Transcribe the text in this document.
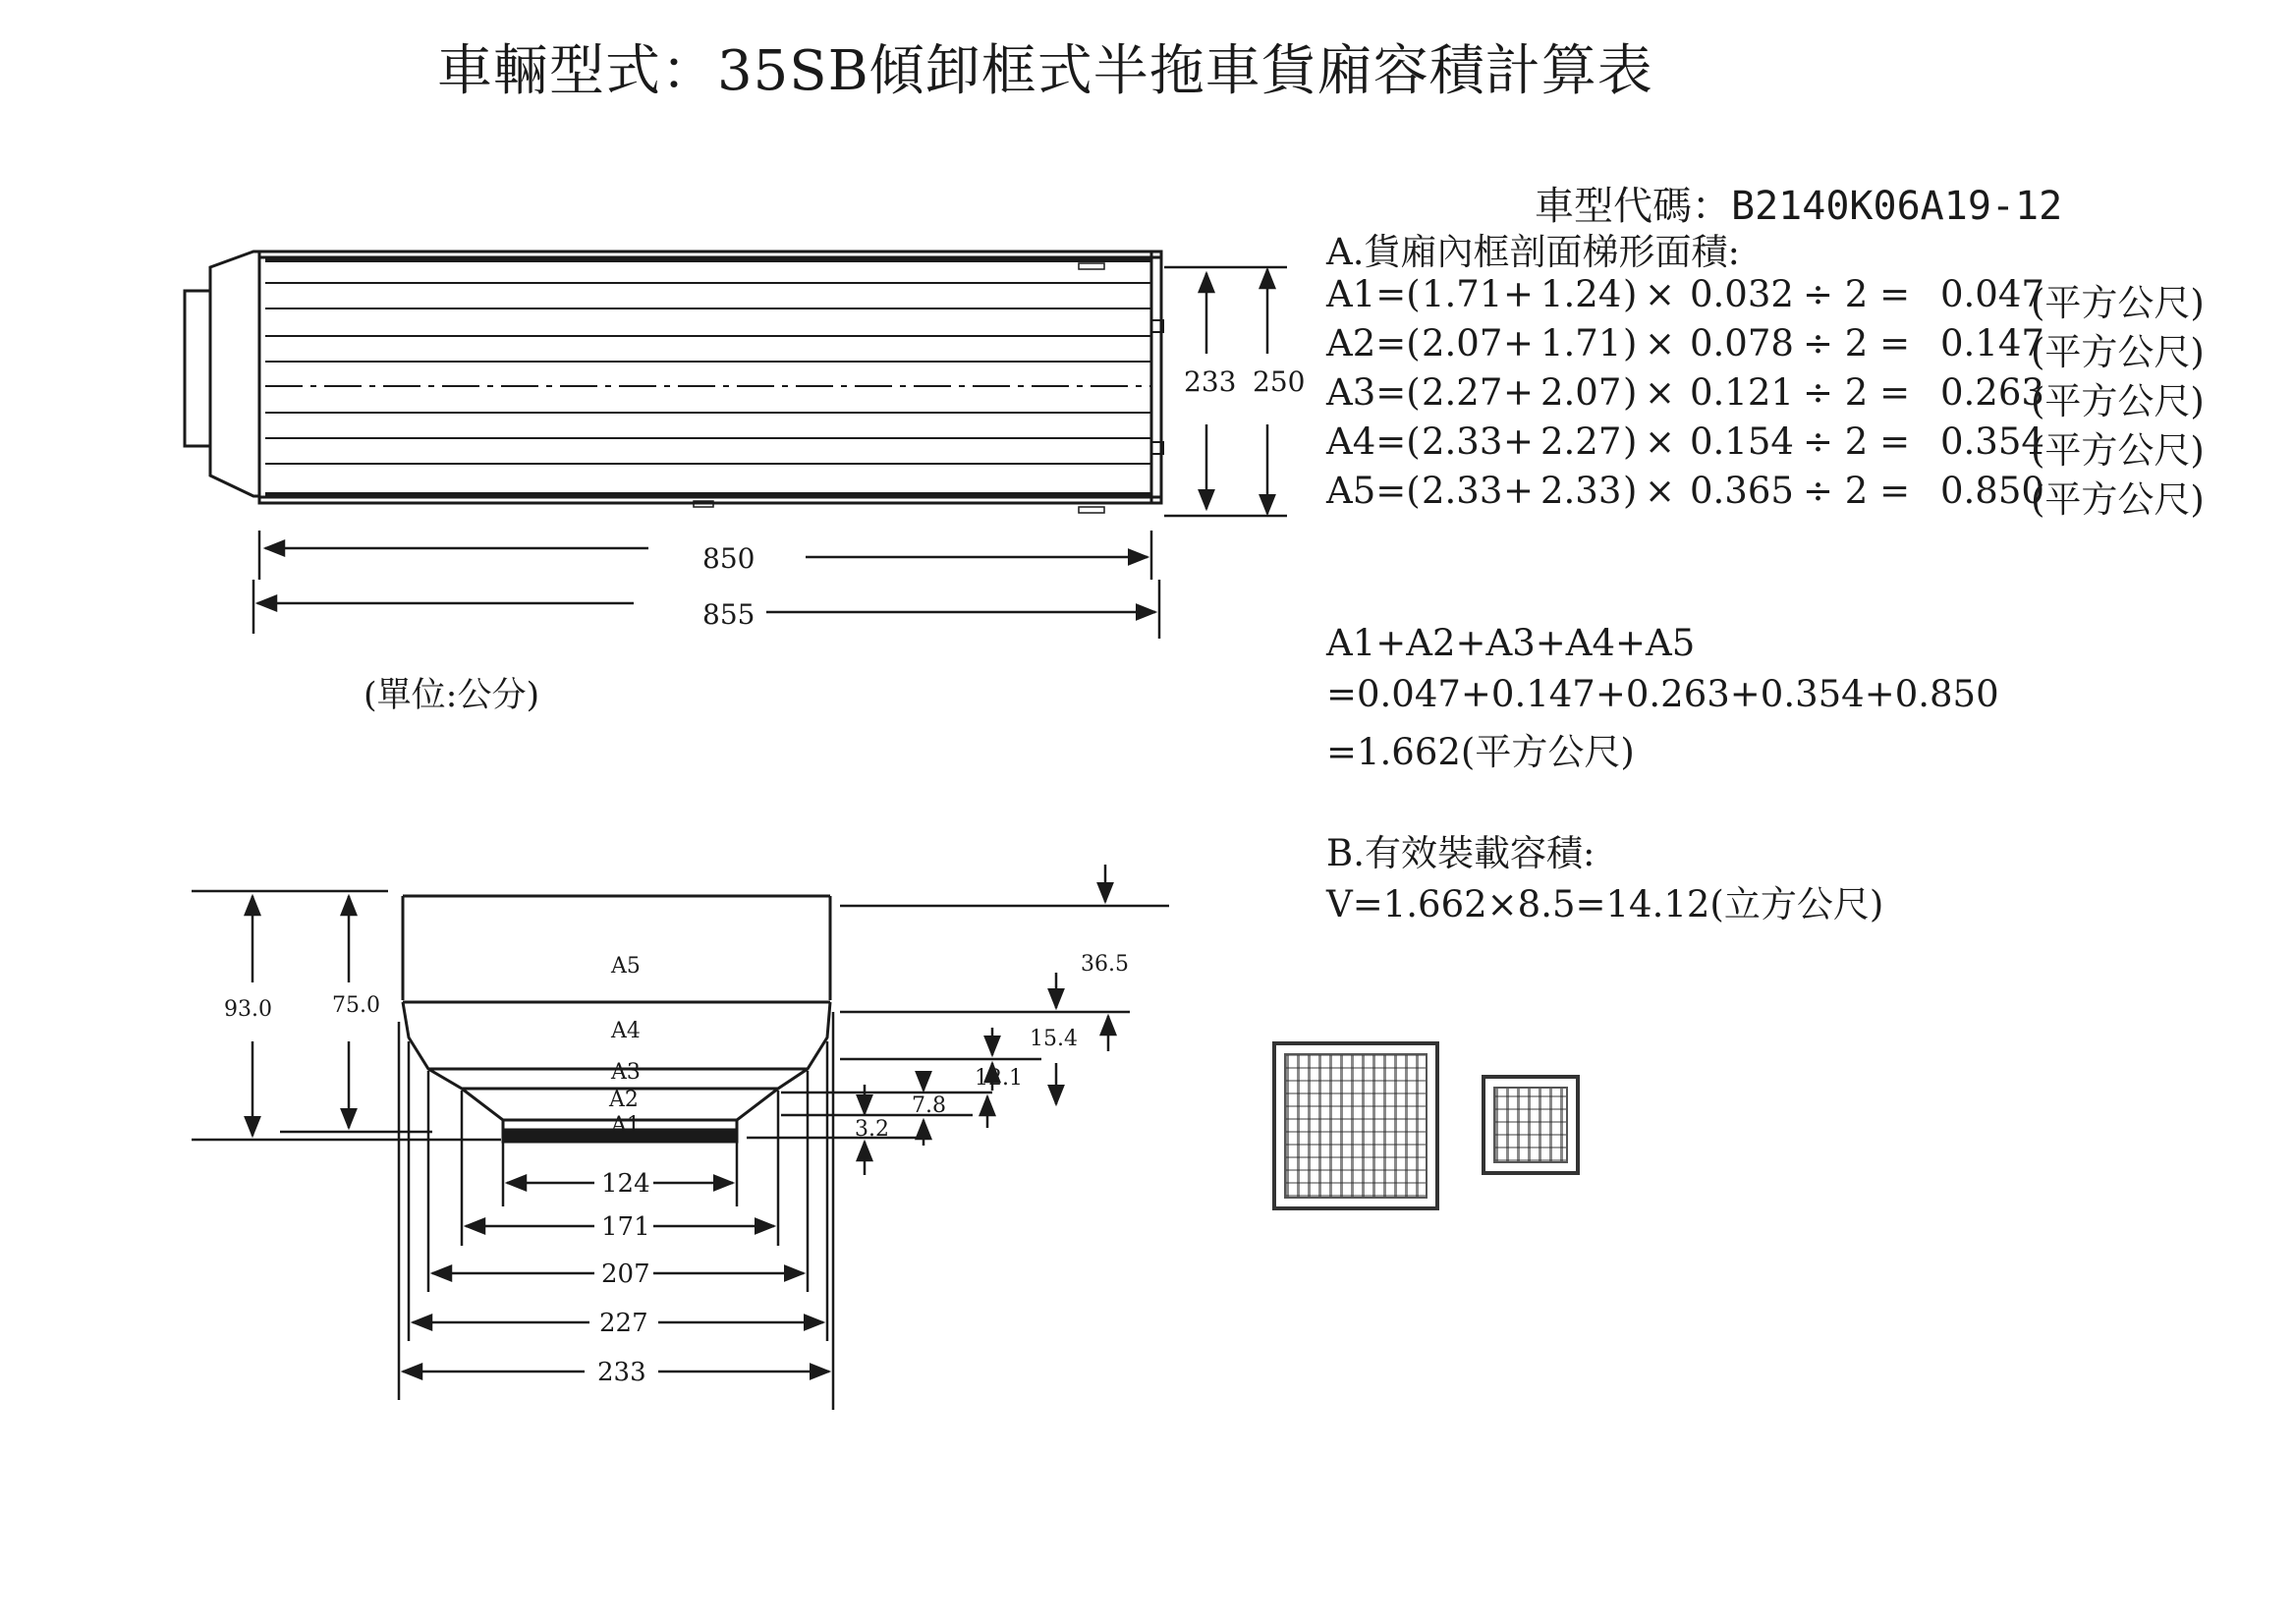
車輛型式：35SB傾卸框式半拖車貨廂容積計算表
車型代碼：B2140K06A19-12
A.貨廂內框剖面梯形面積:
A1=( 1.71 + 1.24 ) × 0.032 ÷ 2 = 0.047
(平方公尺)
A2=( 2.07 + 1.71 ) × 0.078 ÷ 2 = 0.147
(平方公尺)
A3=( 2.27 + 2.07 ) × 0.121 ÷ 2 = 0.263
(平方公尺)
A4=( 2.33 + 2.27 ) × 0.154 ÷ 2 = 0.354
(平方公尺)
A5=( 2.33 + 2.33 ) × 0.365 ÷ 2 = 0.850
(平方公尺)
A1+A2+A3+A4+A5
=0.047+0.147+0.263+0.354+0.850
=1.662(平方公尺)
B.有效裝載容積:
V=1.662×8.5=14.12(立方公尺)
(單位:公分)
233 250
850
855
93.0	75.0
A5
A4
A3
A2
A1
36.5
15.4
12.1
7.8
3.2
124
171
207
227
233
